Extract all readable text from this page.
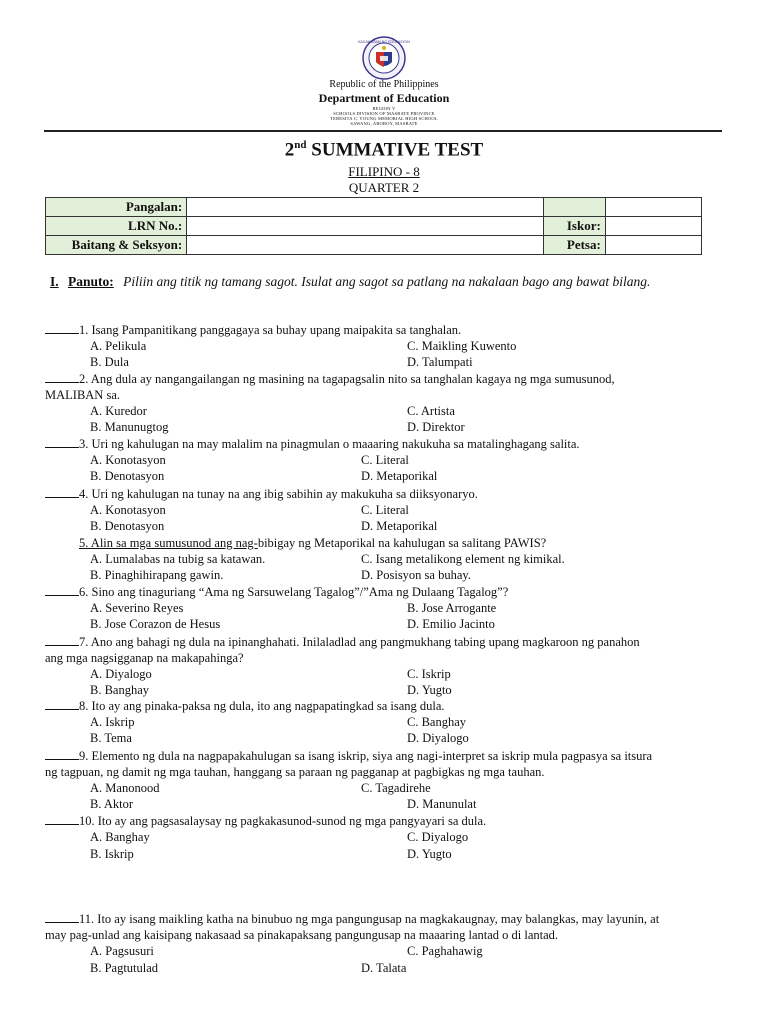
KAGAWARAN NG EDUKASYON
Republic of the Philippines
Department of Education
REGION V
SCHOOLS DIVISION OF MASBATE PROVINCE
TERESITA C. YOUNG MEMORIAL HIGH SCHOOL
SAWANG, AROROY, MASBATE
2nd SUMMATIVE TEST
FILIPINO - 8
QUARTER 2
Pangalan:			
LRN No.:		Iskor:	
Baitang & Seksyon:		Petsa:	
I. Panuto: Piliin ang titik ng tamang sagot. Isulat ang sagot sa patlang na nakalaan bago ang bawat bilang.
1. Isang Pampanitikang panggagaya sa buhay upang maipakita sa tanghalan.
A. Pelikula	C. Maikling Kuwento
B. Dula	D. Talumpati
2. Ang dula ay nangangailangan ng masining na tagapagsalin nito sa tanghalan kagaya ng mga sumusunod,
MALIBAN sa.
A. Kuredor	C. Artista
B. Manunugtog	D. Direktor
3. Uri ng kahulugan na may malalim na pinagmulan o maaaring nakukuha sa matalinghagang salita.
A. Konotasyon	C. Literal
B. Denotasyon	D. Metaporikal
4. Uri ng kahulugan na tunay na ang ibig sabihin ay makukuha sa diiksyonaryo.
A. Konotasyon	C. Literal
B. Denotasyon	D. Metaporikal
5. Alin sa mga sumusunod ang nag-bibigay ng Metaporikal na kahulugan sa salitang PAWIS?
A. Lumalabas na tubig sa katawan.	C. Isang metalikong element ng kimikal.
B. Pinaghihirapang gawin.	D. Posisyon sa buhay.
6. Sino ang tinaguriang “Ama ng Sarsuwelang Tagalog”/”Ama ng Dulaang Tagalog”?
A. Severino Reyes	B. Jose Arrogante
B. Jose Corazon de Hesus	D. Emilio Jacinto
7. Ano ang bahagi ng dula na ipinanghahati. Inilaladlad ang pangmukhang tabing upang magkaroon ng panahon
ang mga nagsigganap na makapahinga?
A. Diyalogo	C. Iskrip
B. Banghay	D. Yugto
8. Ito ay ang pinaka-paksa ng dula, ito ang nagpapatingkad sa isang dula.
A. Iskrip	C. Banghay
B. Tema	D. Diyalogo
9. Elemento ng dula na nagpapakahulugan sa isang iskrip, siya ang nagi-interpret sa iskrip mula pagpasya sa itsura
ng tagpuan, ng damit ng mga tauhan, hanggang sa paraan ng pagganap at pagbigkas ng mga tauhan.
A. Manonood	C. Tagadirehe
B. Aktor	D. Manunulat
10. Ito ay ang pagsasalaysay ng pagkakasunod-sunod ng mga pangyayari sa dula.
A. Banghay	C. Diyalogo
B. Iskrip	D. Yugto
11. Ito ay isang maikling katha na binubuo ng mga pangungusap na magkakaugnay, may balangkas, may layunin, at
may pag-unlad ang kaisipang nakasaad sa pinakapaksang pangungusap na maaaring lantad o di lantad.
A. Pagsusuri	C. Paghahawig
B. Pagtutulad	D. Talata
